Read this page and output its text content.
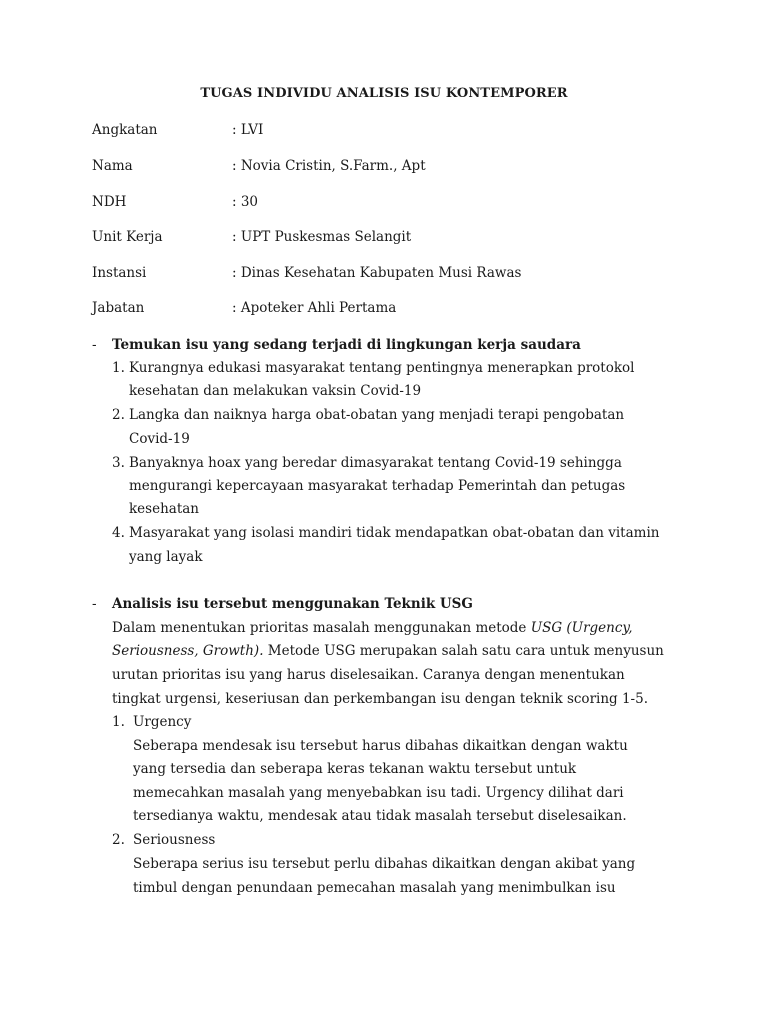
TUGAS INDIVIDU ANALISIS ISU KONTEMPORER
Angkatan	: LVI
Nama	: Novia Cristin, S.Farm., Apt
NDH	: 30
Unit Kerja	: UPT Puskesmas Selangit
Instansi	: Dinas Kesehatan Kabupaten Musi Rawas
Jabatan	: Apoteker Ahli Pertama
- Temukan isu yang sedang terjadi di lingkungan kerja saudara
1. Kurangnya edukasi masyarakat tentang pentingnya menerapkan protokol
kesehatan dan melakukan vaksin Covid-19
2. Langka dan naiknya harga obat-obatan yang menjadi terapi pengobatan
Covid-19
3. Banyaknya hoax yang beredar dimasyarakat tentang Covid-19 sehingga
mengurangi kepercayaan masyarakat terhadap Pemerintah dan petugas
kesehatan
4. Masyarakat yang isolasi mandiri tidak mendapatkan obat-obatan dan vitamin
yang layak
- Analisis isu tersebut menggunakan Teknik USG
Dalam menentukan prioritas masalah menggunakan metode USG (Urgency,
Seriousness, Growth). Metode USG merupakan salah satu cara untuk menyusun
urutan prioritas isu yang harus diselesaikan. Caranya dengan menentukan
tingkat urgensi, keseriusan dan perkembangan isu dengan teknik scoring 1-5.
1. Urgency
Seberapa mendesak isu tersebut harus dibahas dikaitkan dengan waktu
yang tersedia dan seberapa keras tekanan waktu tersebut untuk
memecahkan masalah yang menyebabkan isu tadi. Urgency dilihat dari
tersedianya waktu, mendesak atau tidak masalah tersebut diselesaikan.
2. Seriousness
Seberapa serius isu tersebut perlu dibahas dikaitkan dengan akibat yang
timbul dengan penundaan pemecahan masalah yang menimbulkan isu
